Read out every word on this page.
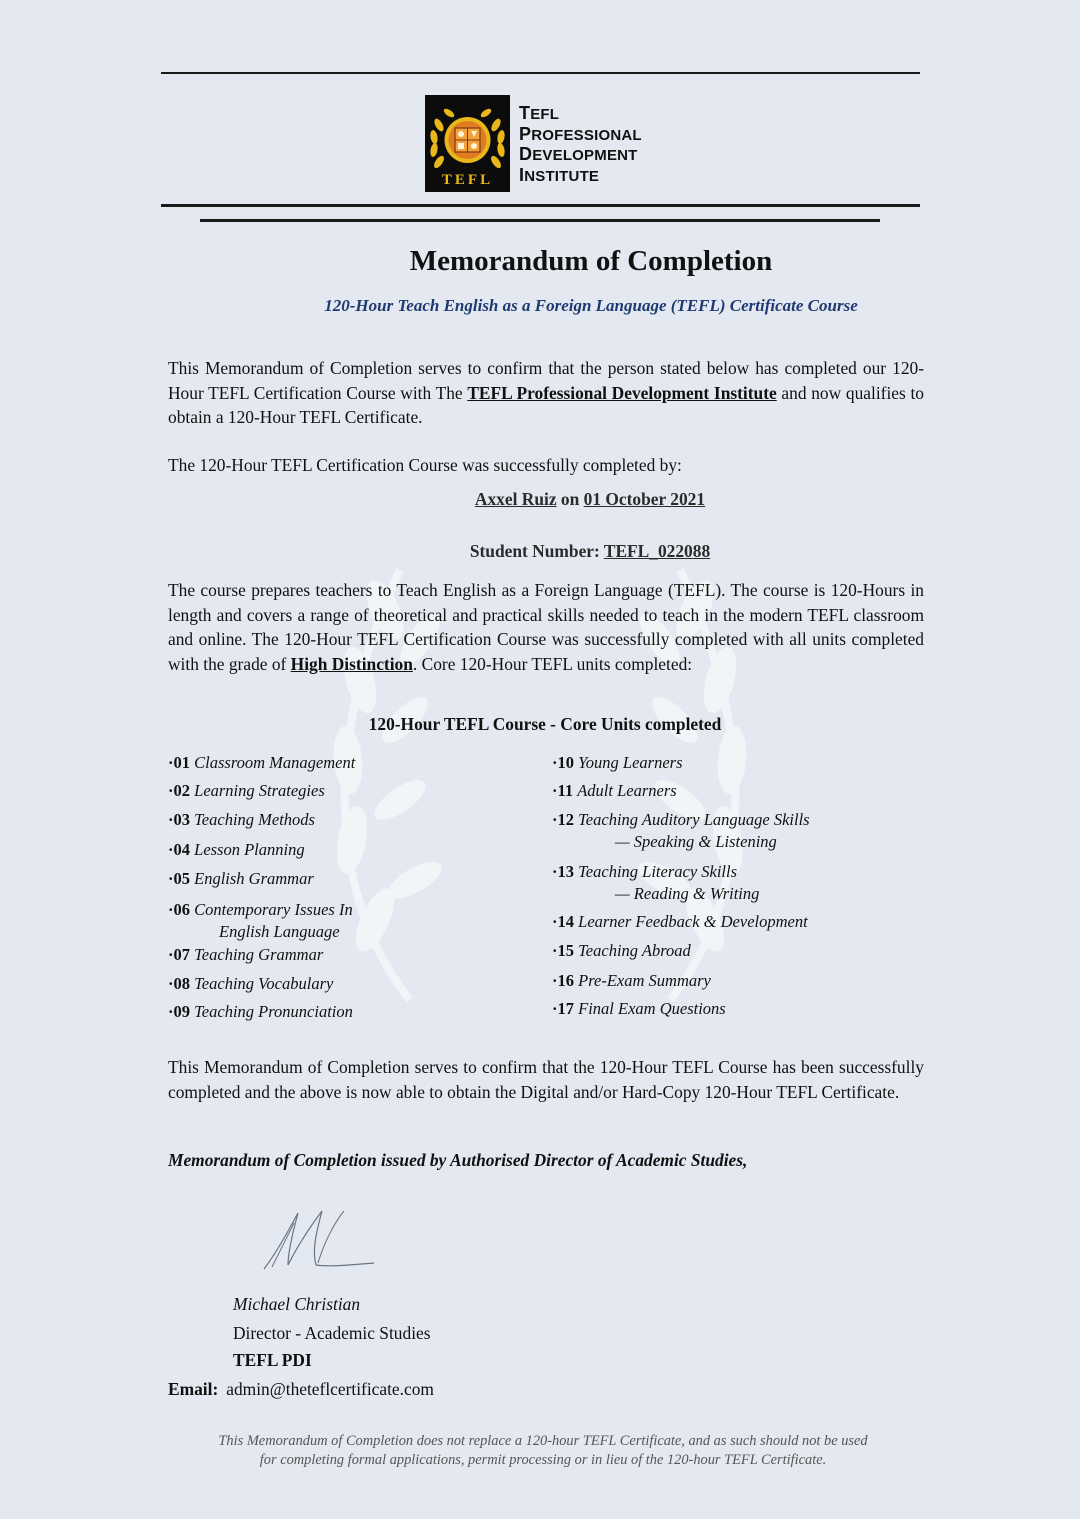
TEFL
TEFL
PROFESSIONAL
DEVELOPMENT
INSTITUTE
Memorandum of Completion
120-Hour Teach English as a Foreign Language (TEFL) Certificate Course
This Memorandum of Completion serves to confirm that the person stated below has completed our 120-Hour TEFL Certification Course with The TEFL Professional Development Institute and now qualifies to obtain a 120-Hour TEFL Certificate.
The 120-Hour TEFL Certification Course was successfully completed by:
Axxel Ruiz on 01 October 2021
Student Number: TEFL_022088
The course prepares teachers to Teach English as a Foreign Language (TEFL). The course is 120-Hours in length and covers a range of theoretical and practical skills needed to teach in the modern TEFL classroom and online. The 120-Hour TEFL Certification Course was successfully completed with all units completed with the grade of High Distinction. Core 120-Hour TEFL units completed:
120-Hour TEFL Course - Core Units completed
·01 Classroom Management
·02 Learning Strategies
·03 Teaching Methods
·04 Lesson Planning
·05 English Grammar
·06 Contemporary Issues In
English Language
·07 Teaching Grammar
·08 Teaching Vocabulary
·09 Teaching Pronunciation
·10 Young Learners
·11 Adult Learners
·12 Teaching Auditory Language Skills
— Speaking & Listening
·13 Teaching Literacy Skills
— Reading & Writing
·14 Learner Feedback & Development
·15 Teaching Abroad
·16 Pre-Exam Summary
·17 Final Exam Questions
This Memorandum of Completion serves to confirm that the 120-Hour TEFL Course has been successfully completed and the above is now able to obtain the Digital and/or Hard-Copy 120-Hour TEFL Certificate.
Memorandum of Completion issued by Authorised Director of Academic Studies,
Michael Christian
Director - Academic Studies
TEFL PDI
Email: admin@theteflcertificate.com
This Memorandum of Completion does not replace a 120-hour TEFL Certificate, and as such should not be used
for completing formal applications, permit processing or in lieu of the 120-hour TEFL Certificate.
